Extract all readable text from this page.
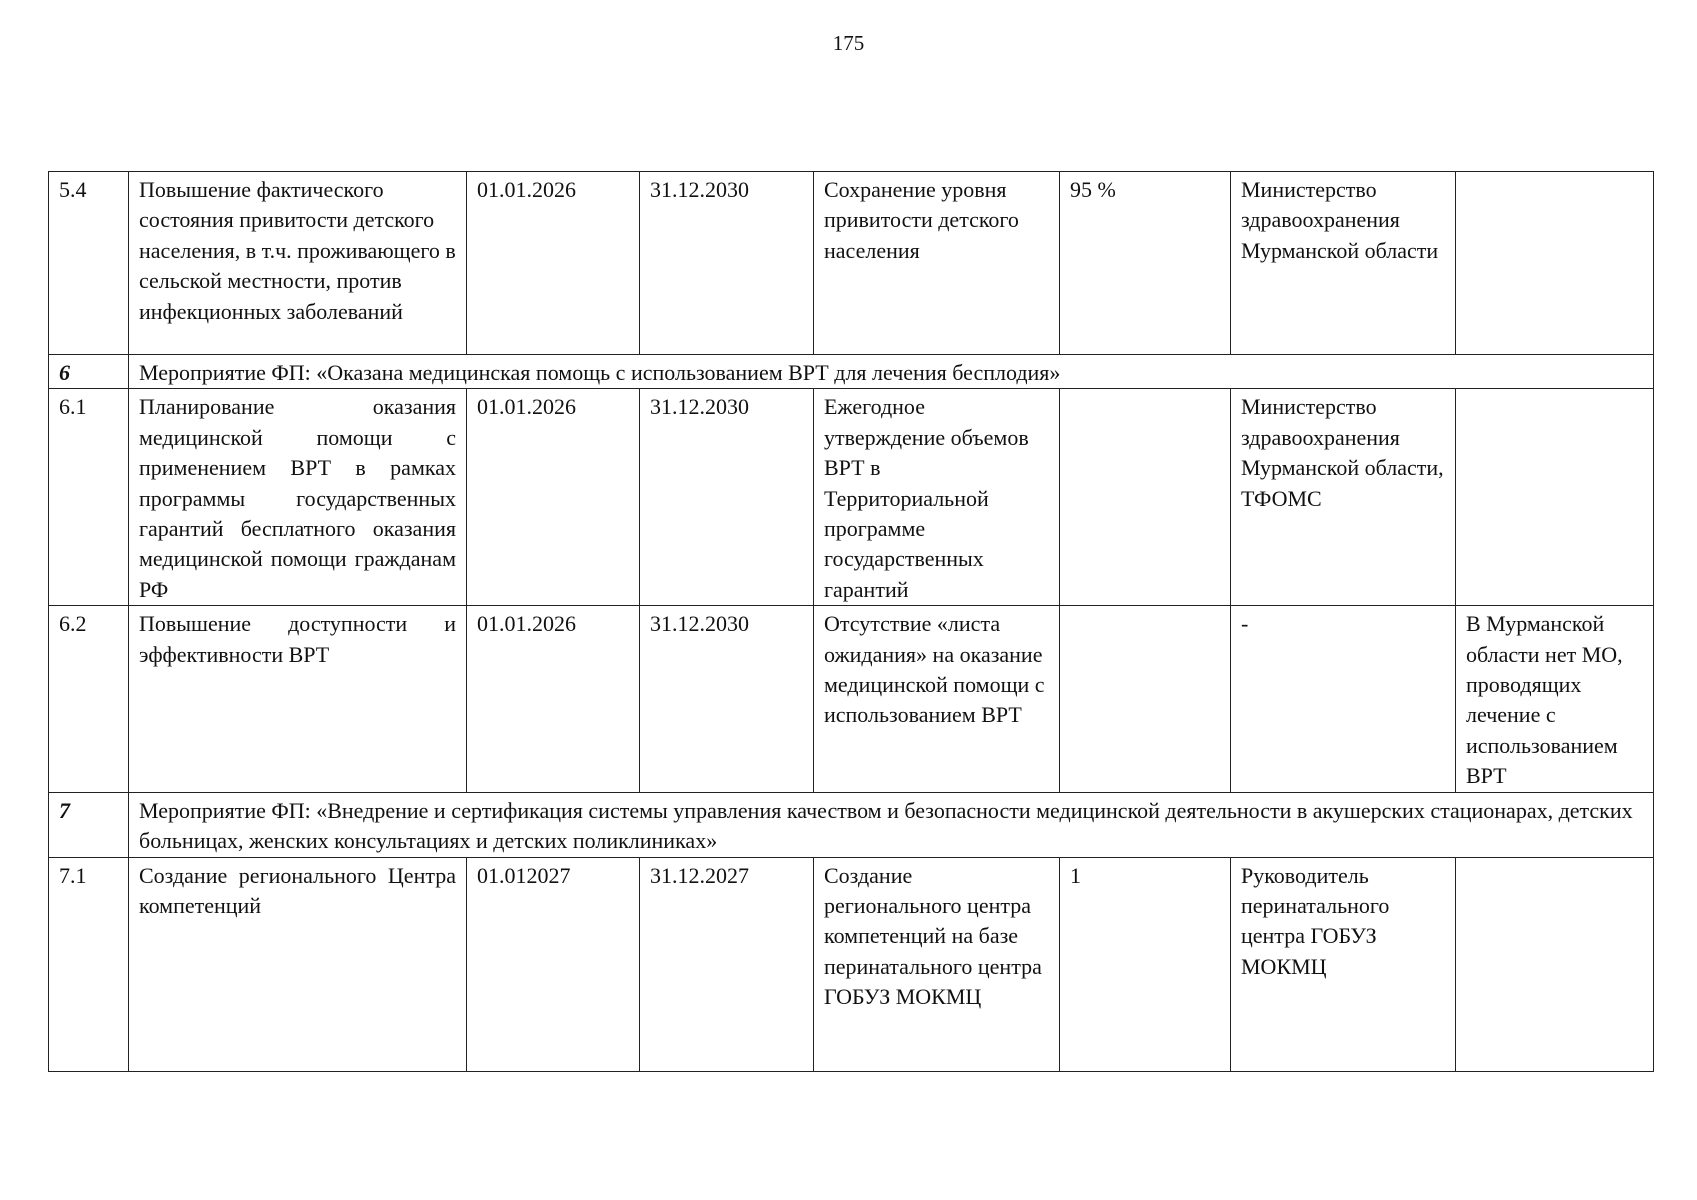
175
5.4	Повышение фактического состояния привитости детского населения, в т.ч. проживающего в сельской местности, против инфекционных заболеваний	01.01.2026	31.12.2030	Сохранение уровня привитости детского населения	95 %	Министерство здравоохранения Мурманской области	
6	Мероприятие ФП: «Оказана медицинская помощь с использованием ВРТ для лечения бесплодия»						
6.1	Планирование оказания медицинской помощи с применением ВРТ в рамках программы государственных гарантий бесплатного оказания медицинской помощи гражданам РФ	01.01.2026	31.12.2030	Ежегодное утверждение объемов ВРТ в Территориальной программе государственных гарантий		Министерство здравоохранения Мурманской области, ТФОМС	
6.2	Повышение доступности и эффективности ВРТ	01.01.2026	31.12.2030	Отсутствие «листа ожидания» на оказание медицинской помощи с использованием ВРТ		-	В Мурманской области нет МО, проводящих лечение с использованием ВРТ
7	Мероприятие ФП: «Внедрение и сертификация системы управления качеством и безопасности медицинской деятельности в акушерских стационарах, детских больницах, женских консультациях и детских поликлиниках»						
7.1	Создание регионального Центра компетенций	01.012027	31.12.2027	Создание регионального центра компетенций на базе перинатального центра ГОБУЗ МОКМЦ	1	Руководитель перинатального центра ГОБУЗ МОКМЦ	
